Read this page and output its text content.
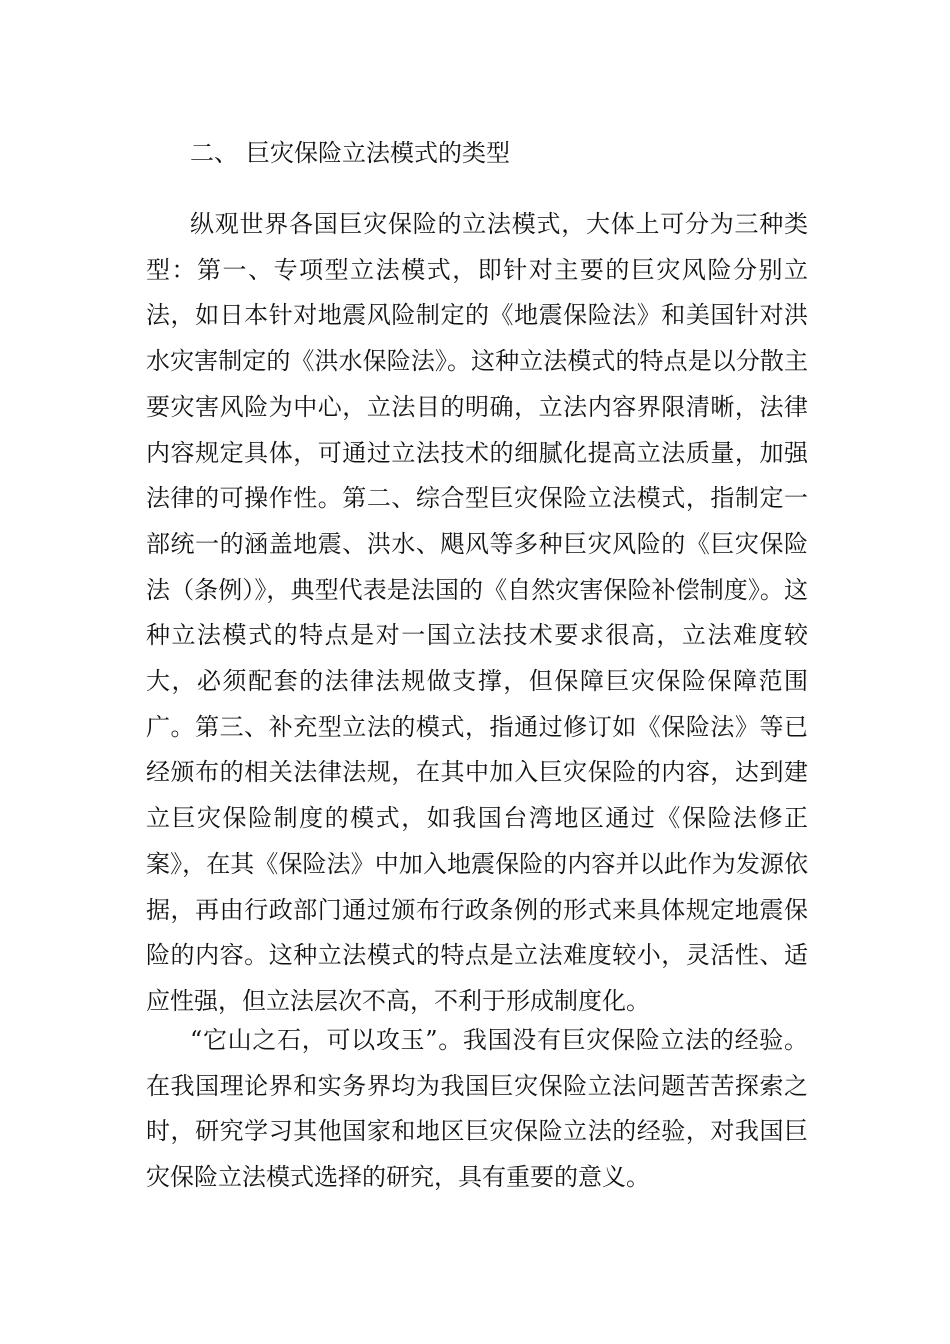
二、 巨灾保险立法模式的类型

纵观世界各国巨灾保险的立法模式，大体上可分为三种类型：第一、专项型立法模式，即针对主要的巨灾风险分别立法，如日本针对地震风险制定的《地震保险法》和美国针对洪水灾害制定的《洪水保险法》。这种立法模式的特点是以分散主要灾害风险为中心，立法目的明确，立法内容界限清晰，法律内容规定具体，可通过立法技术的细腻化提高立法质量，加强法律的可操作性。第二、综合型巨灾保险立法模式，指制定一部统一的涵盖地震、洪水、飓风等多种巨灾风险的《巨灾保险法（条例）》，典型代表是法国的《自然灾害保险补偿制度》。这种立法模式的特点是对一国立法技术要求很高，立法难度较大，必须配套的法律法规做支撑，但保障巨灾保险保障范围广。第三、补充型立法的模式，指通过修订如《保险法》等已经颁布的相关法律法规，在其中加入巨灾保险的内容，达到建立巨灾保险制度的模式，如我国台湾地区通过《保险法修正案》，在其《保险法》中加入地震保险的内容并以此作为发源依据，再由行政部门通过颁布行政条例的形式来具体规定地震保险的内容。这种立法模式的特点是立法难度较小，灵活性、适应性强，但立法层次不高，不利于形成制度化。

“它山之石，可以攻玉”。我国没有巨灾保险立法的经验。在我国理论界和实务界均为我国巨灾保险立法问题苦苦探索之时，研究学习其他国家和地区巨灾保险立法的经验，对我国巨灾保险立法模式选择的研究，具有重要的意义。
